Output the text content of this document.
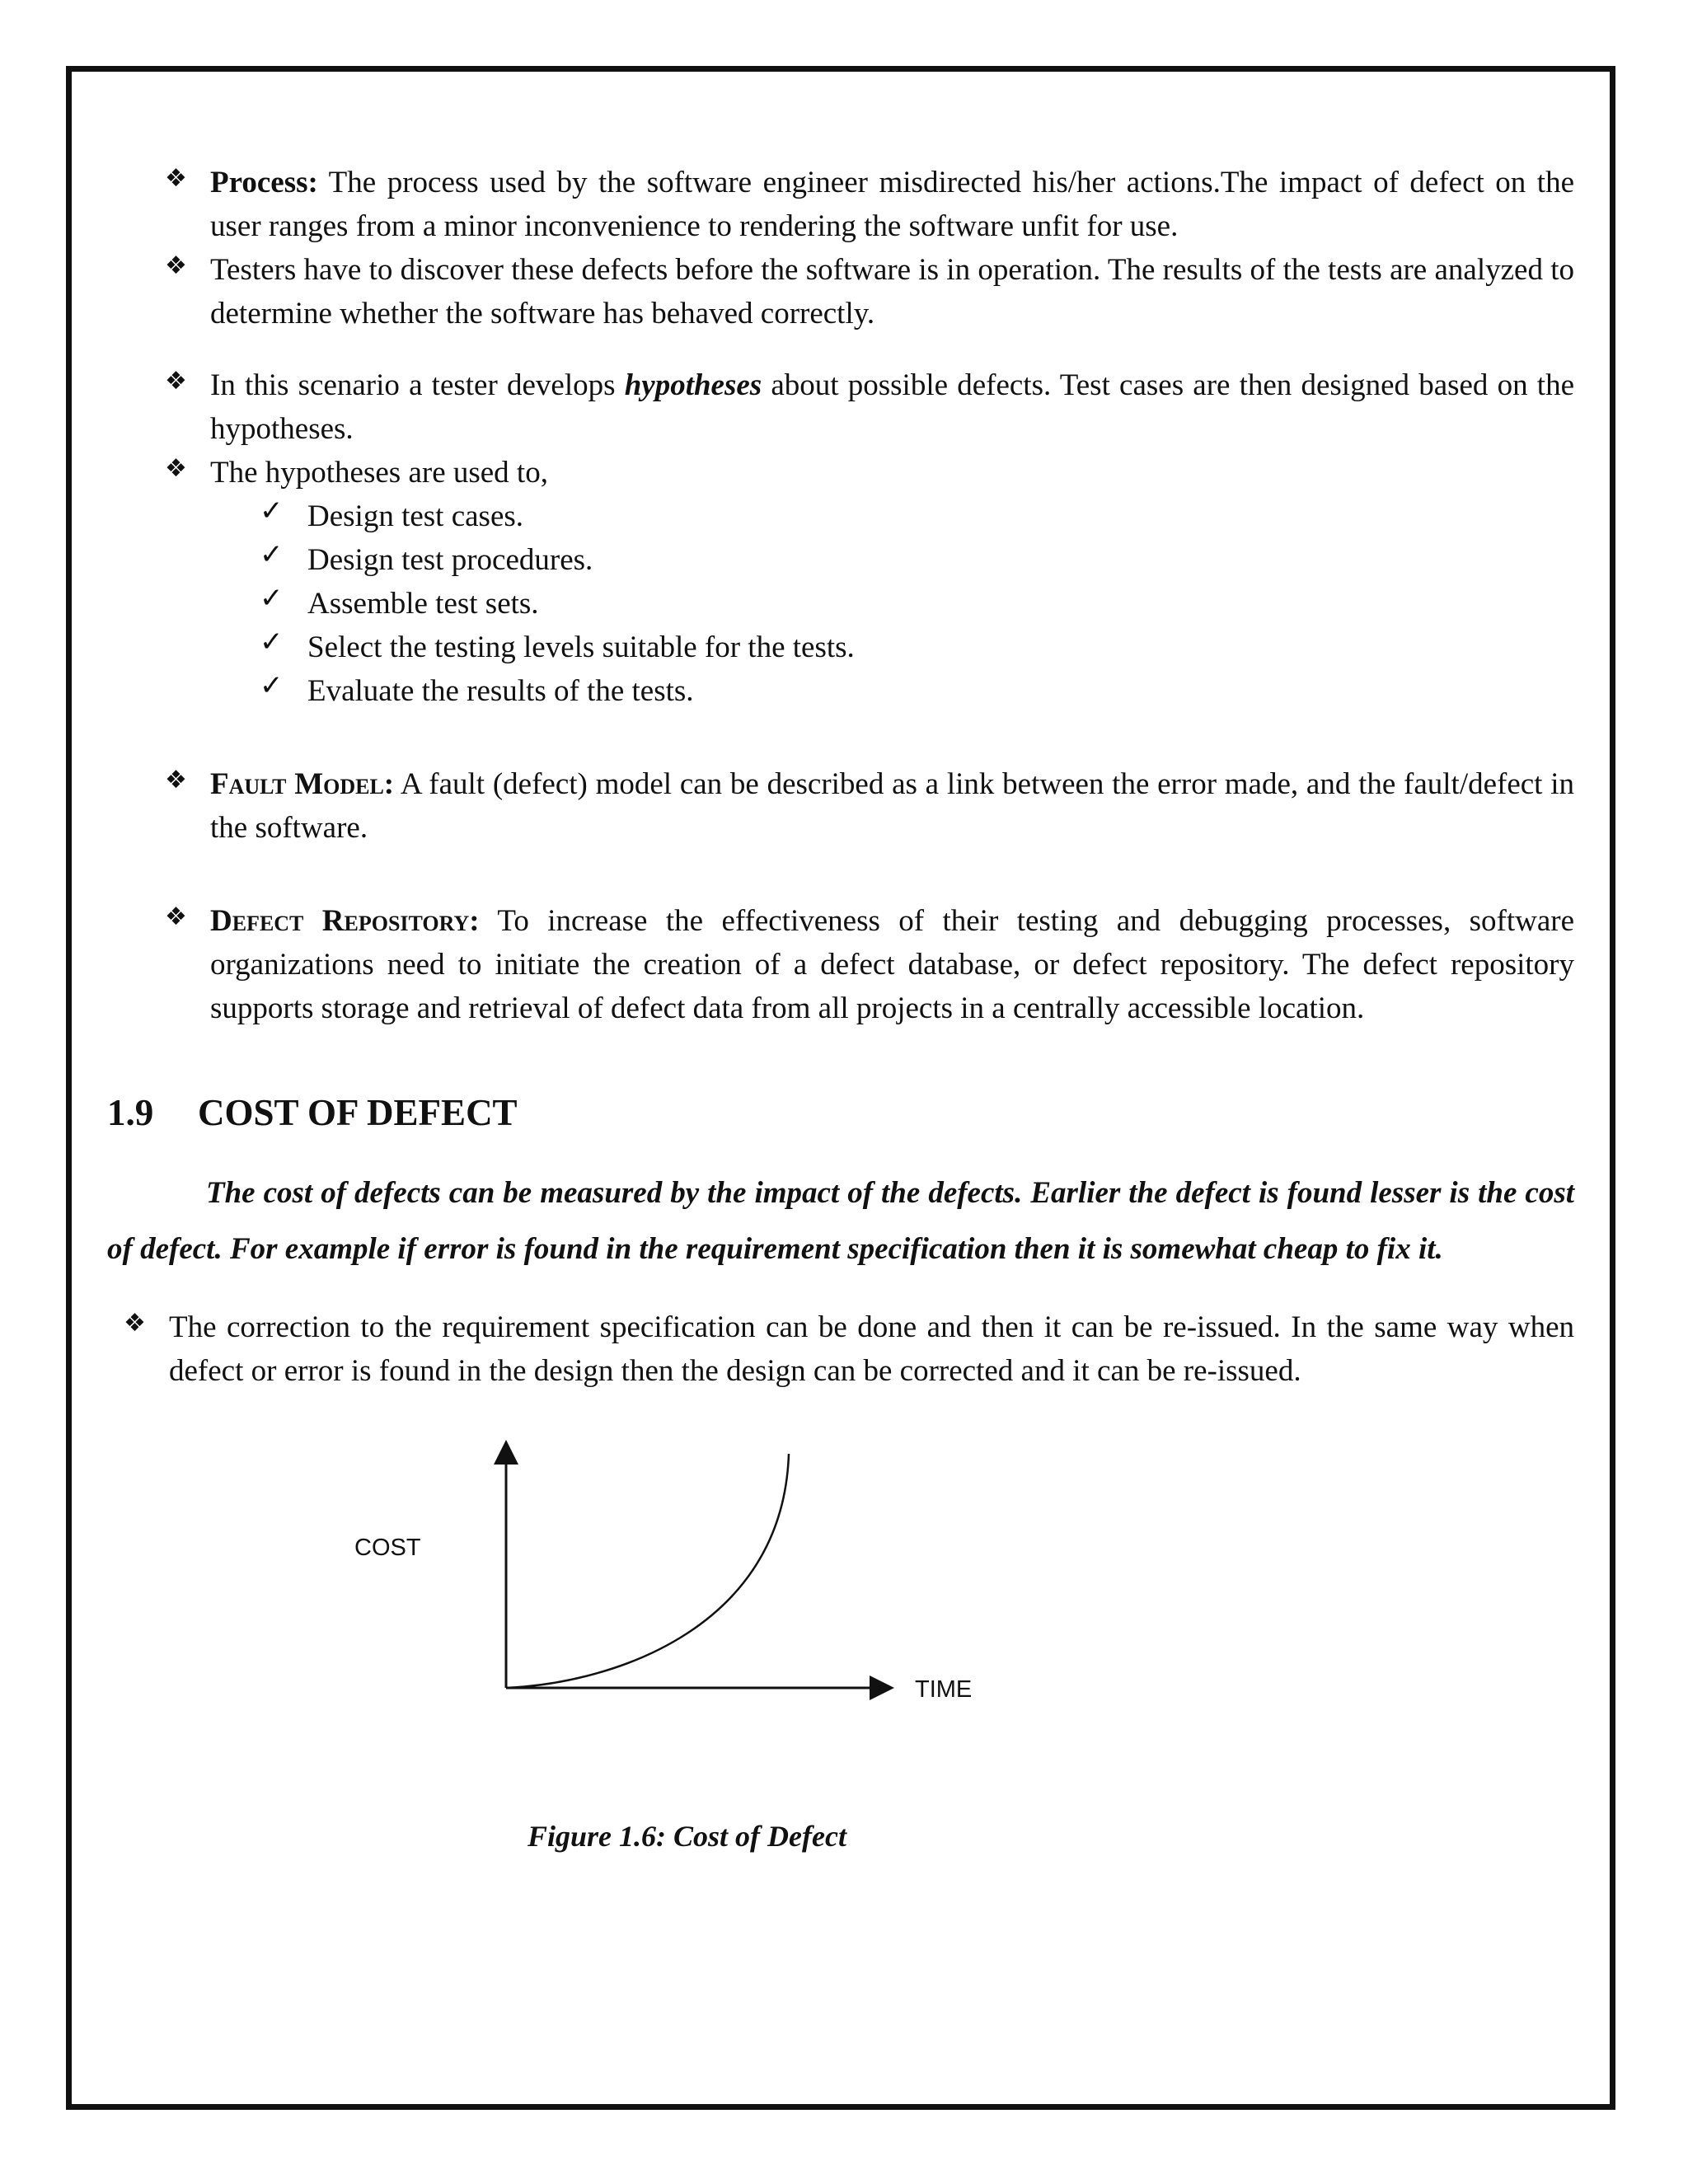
❖ Process: The process used by the software engineer misdirected his/her actions.The impact of defect on the user ranges from a minor inconvenience to rendering the software unfit for use.
❖ Testers have to discover these defects before the software is in operation. The results of the tests are analyzed to determine whether the software has behaved correctly.
❖ In this scenario a tester develops hypotheses about possible defects. Test cases are then designed based on the hypotheses.
❖ The hypotheses are used to,
✓ Design test cases.
✓ Design test procedures.
✓ Assemble test sets.
✓ Select the testing levels suitable for the tests.
✓ Evaluate the results of the tests.
❖ Fault Model: A fault (defect) model can be described as a link between the error made, and the fault/defect in the software.
❖ Defect Repository: To increase the effectiveness of their testing and debugging processes, software organizations need to initiate the creation of a defect database, or defect repository. The defect repository supports storage and retrieval of defect data from all projects in a centrally accessible location.
1.9 COST OF DEFECT
The cost of defects can be measured by the impact of the defects. Earlier the defect is found lesser is the cost of defect. For example if error is found in the requirement specification then it is somewhat cheap to fix it.
❖ The correction to the requirement specification can be done and then it can be re-issued. In the same way when defect or error is found in the design then the design can be corrected and it can be re-issued.
COST
TIME
Figure 1.6: Cost of Defect
